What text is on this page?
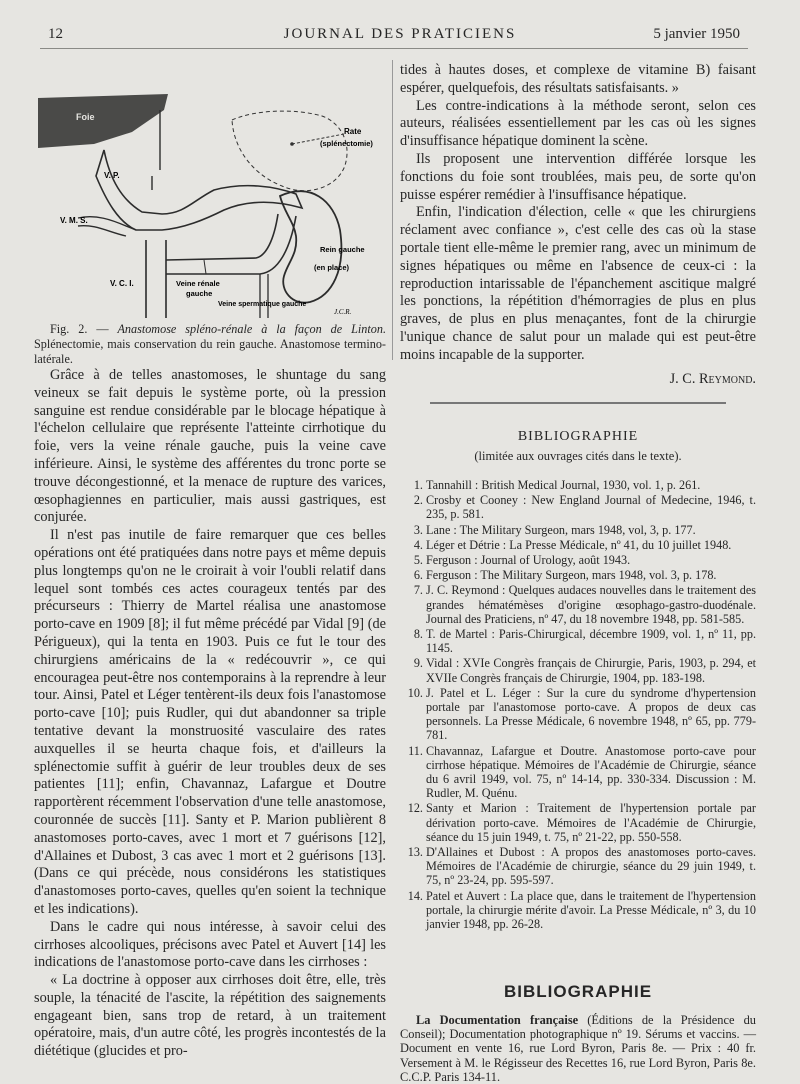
12	JOURNAL DES PRATICIENS	5 janvier 1950
Foie
Rate
(splénectomie)
V. P.
V. M. S.
V. C. I.
Rein gauche
(en place)
Veine rénale
gauche
Veine spermatique gauche
J.C.R.

Fig. 2. — Anastomose spléno-rénale à la façon de Linton. Splénectomie, mais conservation du rein gauche. Anastomose termino-latérale.

Grâce à de telles anastomoses, le shuntage du sang veineux se fait depuis le système porte, où la pression sanguine est rendue considérable par le blocage hépatique à l'échelon cellulaire que représente l'atteinte cirrhotique du foie, vers la veine rénale gauche, puis la veine cave inférieure. Ainsi, le système des afférentes du tronc porte se trouve décongestionné, et la menace de rupture des varices, œsophagiennes en particulier, mais aussi gastriques, est conjurée.

Il n'est pas inutile de faire remarquer que ces belles opérations ont été pratiquées dans notre pays et même depuis plus longtemps qu'on ne le croirait à voir l'oubli relatif dans lequel sont tombés ces actes courageux tentés par des précurseurs : Thierry de Martel réalisa une anastomose porto-cave en 1909 [8]; il fut même précédé par Vidal [9] (de Périgueux), qui la tenta en 1903. Puis ce fut le tour des chirurgiens américains de la « redécouvrir », ce qui encouragea peut-être nos contemporains à la reprendre à leur tour. Ainsi, Patel et Léger tentèrent-ils deux fois l'anastomose porto-cave [10]; puis Rudler, qui dut abandonner sa triple tentative devant la monstruosité vasculaire des rates auxquelles il se heurta chaque fois, et d'ailleurs la splénectomie suffit à guérir de leur troubles deux de ses patientes [11]; enfin, Chavannaz, Lafargue et Doutre rapportèrent récemment l'observation d'une telle anastomose, couronnée de succès [11]. Santy et P. Marion publièrent 8 anastomoses porto-caves, avec 1 mort et 7 guérisons [12], d'Allaines et Dubost, 3 cas avec 1 mort et 2 guérisons [13]. (Dans ce qui précède, nous considérons les statistiques d'anastomoses porto-caves, quelles qu'en soient la technique et les indications).

Dans le cadre qui nous intéresse, à savoir celui des cirrhoses alcooliques, précisons avec Patel et Auvert [14] les indications de l'anastomose porto-cave dans les cirrhoses :

« La doctrine à opposer aux cirrhoses doit être, elle, très souple, la ténacité de l'ascite, la répétition des saignements engageant bien, sans trop de retard, à un traitement opératoire, mais, d'un autre côté, les progrès incontestés de la diététique (glucides et pro-

tides à hautes doses, et complexe de vitamine B) faisant espérer, quelquefois, des résultats satisfaisants. »

Les contre-indications à la méthode seront, selon ces auteurs, réalisées essentiellement par les cas où les signes d'insuffisance hépatique dominent la scène.

Ils proposent une intervention différée lorsque les fonctions du foie sont troublées, mais peu, de sorte qu'on puisse espérer remédier à l'insuffisance hépatique.

Enfin, l'indication d'élection, celle « que les chirurgiens réclament avec confiance », c'est celle des cas où la stase portale tient elle-même le premier rang, avec un minimum de signes hépatiques ou même en l'absence de ceux-ci : la reproduction intarissable de l'épanchement ascitique malgré les ponctions, la répétition d'hémorragies de plus en plus graves, de plus en plus menaçantes, font de la chirurgie l'unique chance de salut pour un malade qui est peut-être moins incapable de la supporter.

J. C. Reymond.
BIBLIOGRAPHIE
(limitée aux ouvrages cités dans le texte).
1. Tannahill : British Medical Journal, 1930, vol. 1, p. 261.
2. Crosby et Cooney : New England Journal of Medecine, 1946, t. 235, p. 581.
3. Lane : The Military Surgeon, mars 1948, vol, 3, p. 177.
4. Léger et Détrie : La Presse Médicale, nº 41, du 10 juillet 1948.
5. Ferguson : Journal of Urology, août 1943.
6. Ferguson : The Military Surgeon, mars 1948, vol. 3, p. 178.
7. J. C. Reymond : Quelques audaces nouvelles dans le traitement des grandes hématémèses d'origine œsophago-gastro-duodénale. Journal des Praticiens, nº 47, du 18 novembre 1948, pp. 581-585.
8. T. de Martel : Paris-Chirurgical, décembre 1909, vol. 1, nº 11, pp. 1145.
9. Vidal : XVIe Congrès français de Chirurgie, Paris, 1903, p. 294, et XVIIe Congrès français de Chirurgie, 1904, pp. 183-198.
10. J. Patel et L. Léger : Sur la cure du syndrome d'hypertension portale par l'anastomose porto-cave. A propos de deux cas personnels. La Presse Médicale, 6 novembre 1948, nº 65, pp. 779-781.
11. Chavannaz, Lafargue et Doutre. Anastomose porto-cave pour cirrhose hépatique. Mémoires de l'Académie de Chirurgie, séance du 6 avril 1949, vol. 75, nº 14-14, pp. 330-334. Discussion : M. Rudler, M. Quénu.
12. Santy et Marion : Traitement de l'hypertension portale par dérivation porto-cave. Mémoires de l'Académie de Chirurgie, séance du 15 juin 1949, t. 75, nº 21-22, pp. 550-558.
13. D'Allaines et Dubost : A propos des anastomoses porto-caves. Mémoires de l'Académie de chirurgie, séance du 29 juin 1949, t. 75, nº 23-24, pp. 595-597.
14. Patel et Auvert : La place que, dans le traitement de l'hypertension portale, la chirurgie mérite d'avoir. La Presse Médicale, nº 3, du 10 janvier 1948, pp. 26-28.
BIBLIOGRAPHIE

La Documentation française (Éditions de la Présidence du Conseil); Documentation photographique nº 19. Sérums et vaccins. — Document en vente 16, rue Lord Byron, Paris 8e. — Prix : 40 fr. Versement à M. le Régisseur des Recettes 16, rue Lord Byron, Paris 8e. C.C.P. Paris 134-11.
